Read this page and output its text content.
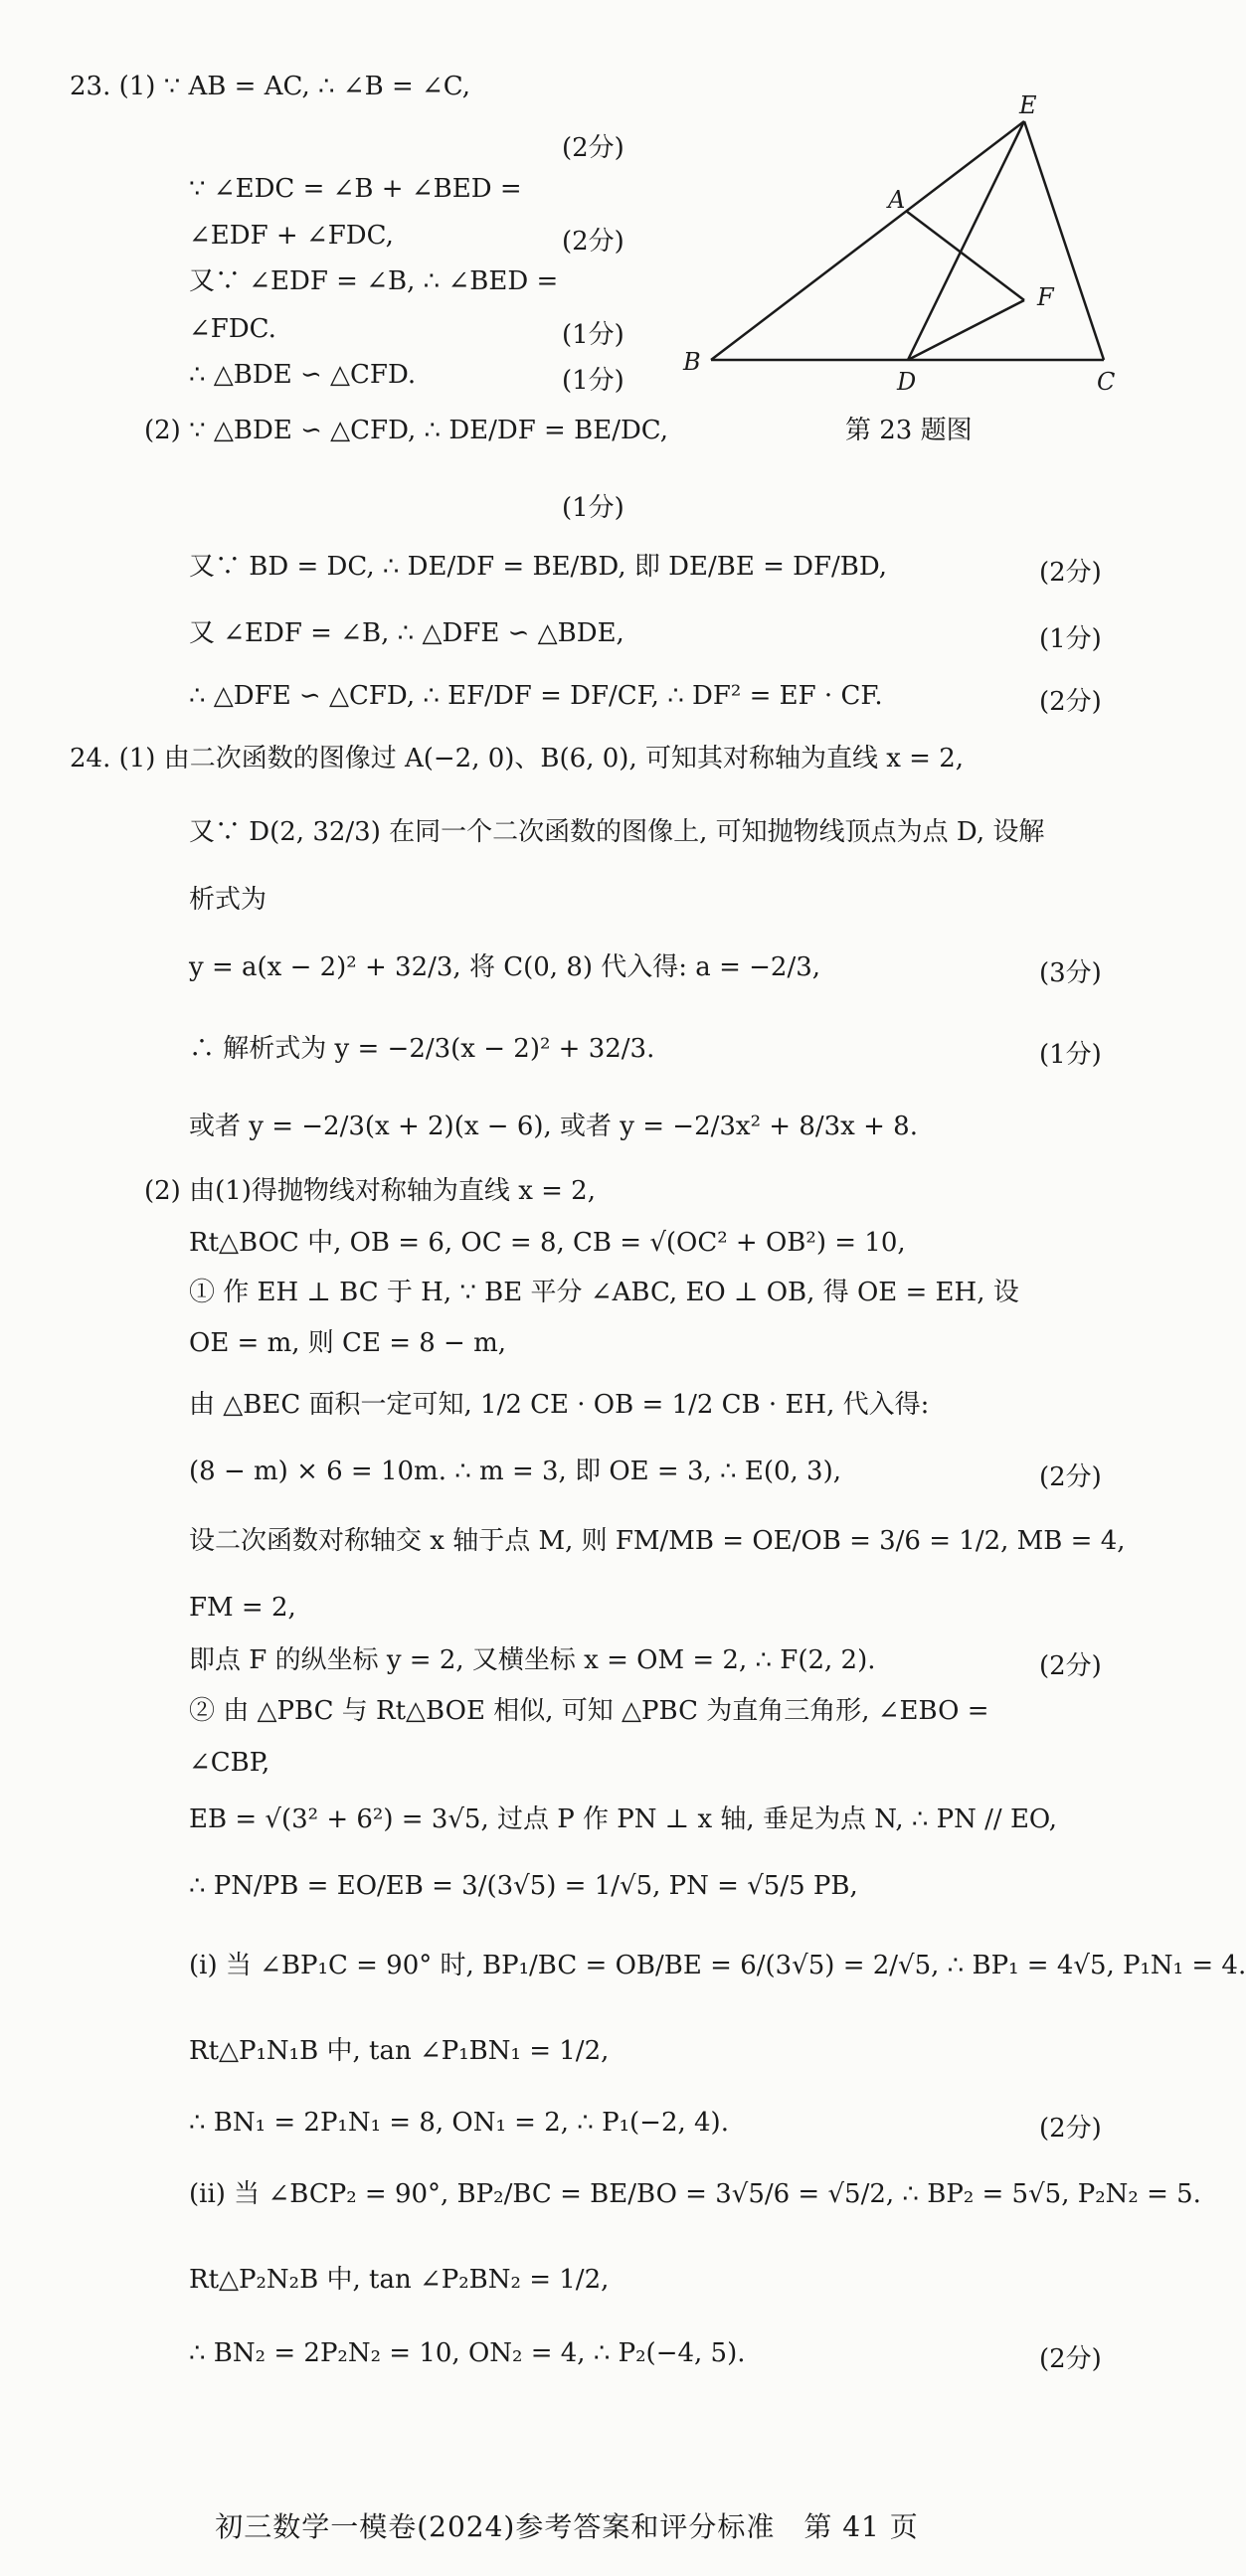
23. (1) ∵ AB = AC, ∴ ∠B = ∠C,
(2分)
∵ ∠EDC = ∠B + ∠BED =
∠EDF + ∠FDC,	(2分)
又∵ ∠EDF = ∠B, ∴ ∠BED =
∠FDC.	(1分)
∴ △BDE ∽ △CFD.	(1分)
(2) ∵ △BDE ∽ △CFD, ∴ DE/DF = BE/DC,
(1分)
又∵ BD = DC, ∴ DE/DF = BE/BD, 即 DE/BE = DF/BD,	(2分)
又 ∠EDF = ∠B, ∴ △DFE ∽ △BDE,	(1分)
∴ △DFE ∽ △CFD, ∴ EF/DF = DF/CF, ∴ DF² = EF · CF.	(2分)
E
A
F
B
D	C
第 23 题图
24. (1) 由二次函数的图像过 A(−2, 0)、B(6, 0), 可知其对称轴为直线 x = 2,
又∵ D(2, 32/3) 在同一个二次函数的图像上, 可知抛物线顶点为点 D, 设解
析式为
y = a(x − 2)² + 32/3, 将 C(0, 8) 代入得: a = −2/3,	(3分)
∴ 解析式为 y = −2/3(x − 2)² + 32/3.	(1分)
或者 y = −2/3(x + 2)(x − 6), 或者 y = −2/3x² + 8/3x + 8.
(2) 由(1)得抛物线对称轴为直线 x = 2,
Rt△BOC 中, OB = 6, OC = 8, CB = √(OC² + OB²) = 10,
① 作 EH ⊥ BC 于 H, ∵ BE 平分 ∠ABC, EO ⊥ OB, 得 OE = EH, 设
OE = m, 则 CE = 8 − m,
由 △BEC 面积一定可知, 1/2 CE · OB = 1/2 CB · EH, 代入得:
(8 − m) × 6 = 10m. ∴ m = 3, 即 OE = 3, ∴ E(0, 3),	(2分)
设二次函数对称轴交 x 轴于点 M, 则 FM/MB = OE/OB = 3/6 = 1/2, MB = 4,
FM = 2,
即点 F 的纵坐标 y = 2, 又横坐标 x = OM = 2, ∴ F(2, 2).	(2分)
② 由 △PBC 与 Rt△BOE 相似, 可知 △PBC 为直角三角形, ∠EBO =
∠CBP,
EB = √(3² + 6²) = 3√5, 过点 P 作 PN ⊥ x 轴, 垂足为点 N, ∴ PN // EO,
∴ PN/PB = EO/EB = 3/(3√5) = 1/√5, PN = √5/5 PB,
(i) 当 ∠BP₁C = 90° 时, BP₁/BC = OB/BE = 6/(3√5) = 2/√5, ∴ BP₁ = 4√5, P₁N₁ = 4.
Rt△P₁N₁B 中, tan ∠P₁BN₁ = 1/2,
∴ BN₁ = 2P₁N₁ = 8, ON₁ = 2, ∴ P₁(−2, 4).	(2分)
(ii) 当 ∠BCP₂ = 90°, BP₂/BC = BE/BO = 3√5/6 = √5/2, ∴ BP₂ = 5√5, P₂N₂ = 5.
Rt△P₂N₂B 中, tan ∠P₂BN₂ = 1/2,
∴ BN₂ = 2P₂N₂ = 10, ON₂ = 4, ∴ P₂(−4, 5).	(2分)
初三数学一模卷(2024)参考答案和评分标准　第 41 页
